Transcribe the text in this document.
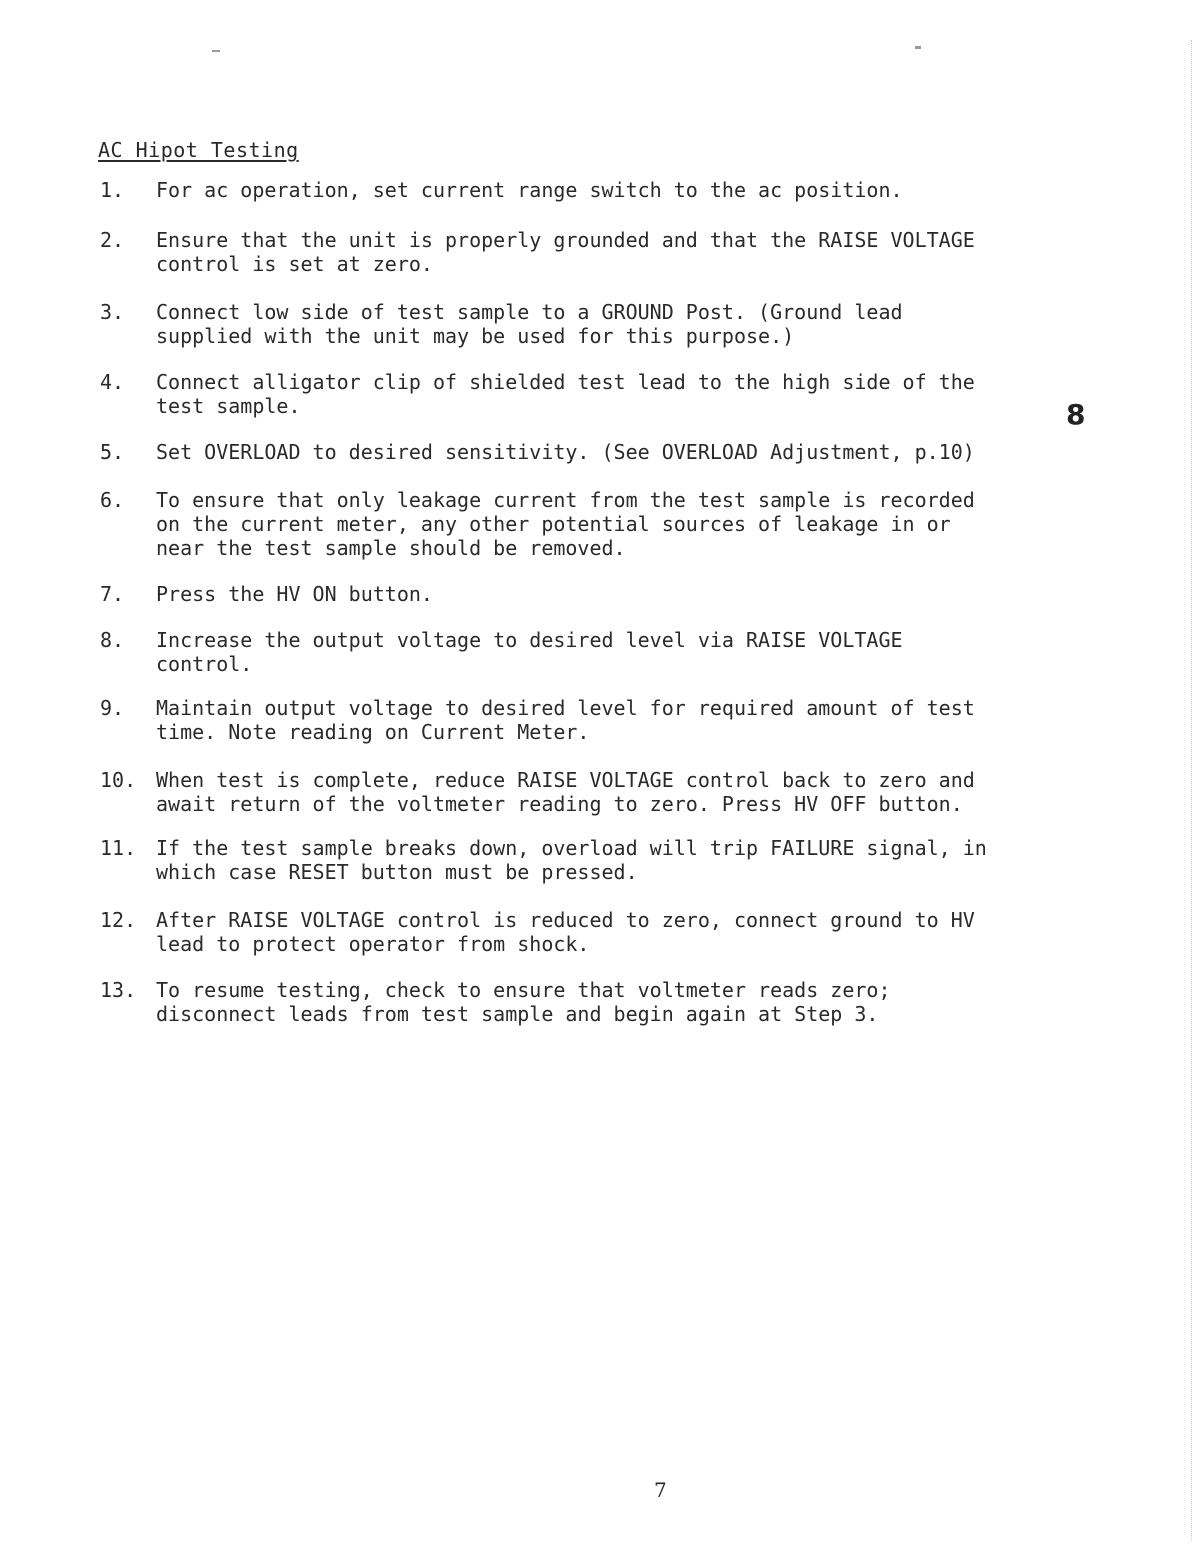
AC Hipot Testing
1.	For ac operation, set current range switch to the ac position.
2.	Ensure that the unit is properly grounded and that the RAISE VOLTAGE
control is set at zero.
3.	Connect low side of test sample to a GROUND Post. (Ground lead
supplied with the unit may be used for this purpose.)
4.	Connect alligator clip of shielded test lead to the high side of the
test sample.
5.	Set OVERLOAD to desired sensitivity. (See OVERLOAD Adjustment, p.10)
6.	To ensure that only leakage current from the test sample is recorded
on the current meter, any other potential sources of leakage in or
near the test sample should be removed.
7.	Press the HV ON button.
8.	Increase the output voltage to desired level via RAISE VOLTAGE
control.
9.	Maintain output voltage to desired level for required amount of test
time. Note reading on Current Meter.
10. When test is complete, reduce RAISE VOLTAGE control back to zero and
await return of the voltmeter reading to zero. Press HV OFF button.
11. If the test sample breaks down, overload will trip FAILURE signal, in
which case RESET button must be pressed.
12. After RAISE VOLTAGE control is reduced to zero, connect ground to HV
lead to protect operator from shock.
13. To resume testing, check to ensure that voltmeter reads zero;
disconnect leads from test sample and begin again at Step 3.
8
7
